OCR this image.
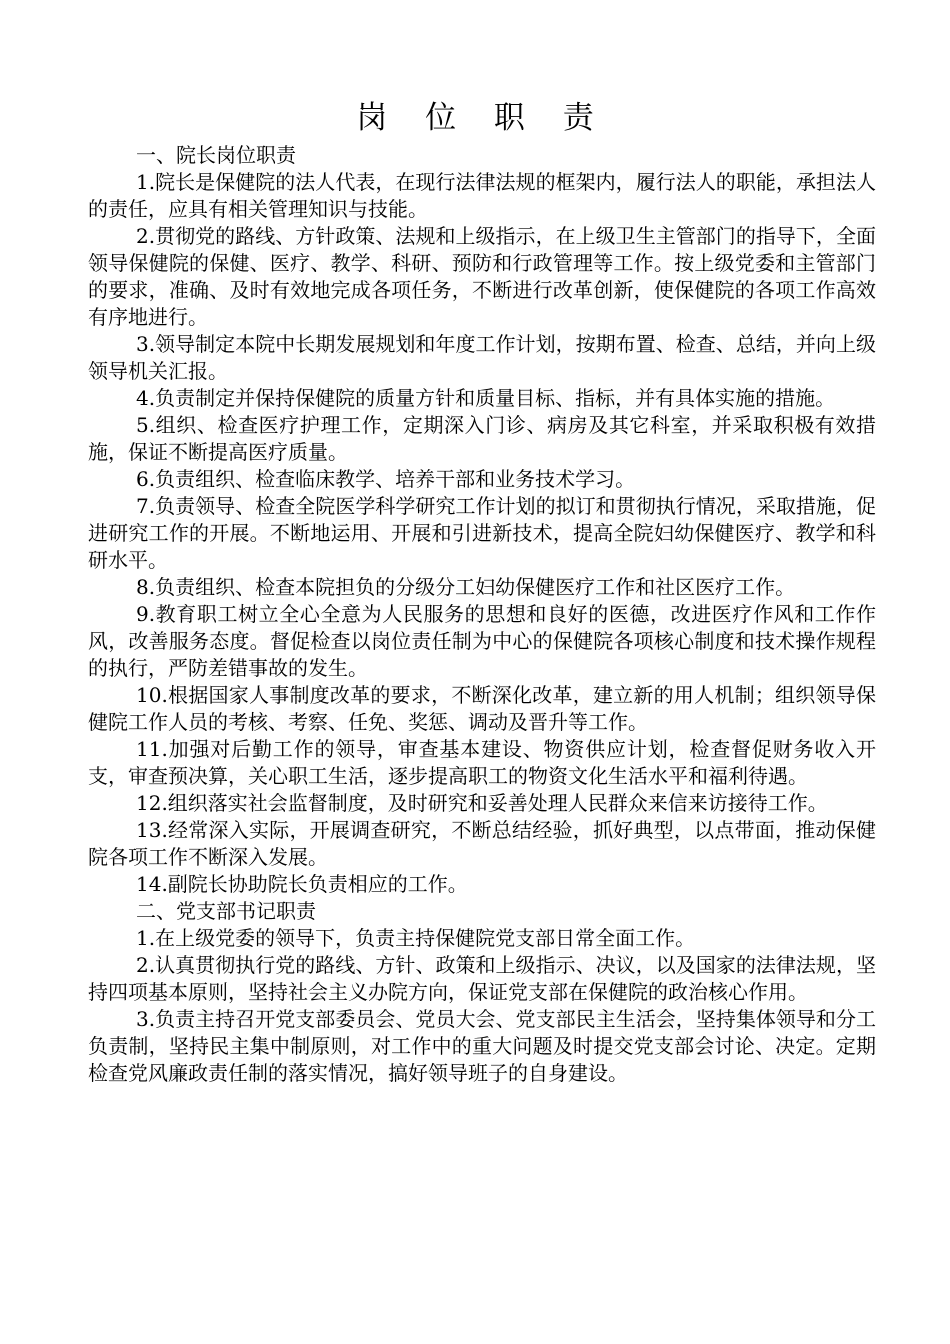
岗 位 职 责

一、院长岗位职责

1.院长是保健院的法人代表，在现行法律法规的框架内，履行法人的职能，承担法人的责任，应具有相关管理知识与技能。

2.贯彻党的路线、方针政策、法规和上级指示，在上级卫生主管部门的指导下，全面领导保健院的保健、医疗、教学、科研、预防和行政管理等工作。按上级党委和主管部门的要求，准确、及时有效地完成各项任务，不断进行改革创新，使保健院的各项工作高效有序地进行。

3.领导制定本院中长期发展规划和年度工作计划，按期布置、检查、总结，并向上级领导机关汇报。

4.负责制定并保持保健院的质量方针和质量目标、指标，并有具体实施的措施。

5.组织、检查医疗护理工作，定期深入门诊、病房及其它科室，并采取积极有效措施，保证不断提高医疗质量。

6.负责组织、检查临床教学、培养干部和业务技术学习。

7.负责领导、检查全院医学科学研究工作计划的拟订和贯彻执行情况，采取措施，促进研究工作的开展。不断地运用、开展和引进新技术，提高全院妇幼保健医疗、教学和科研水平。

8.负责组织、检查本院担负的分级分工妇幼保健医疗工作和社区医疗工作。

9.教育职工树立全心全意为人民服务的思想和良好的医德，改进医疗作风和工作作风，改善服务态度。督促检查以岗位责任制为中心的保健院各项核心制度和技术操作规程的执行，严防差错事故的发生。

10.根据国家人事制度改革的要求，不断深化改革，建立新的用人机制；组织领导保健院工作人员的考核、考察、任免、奖惩、调动及晋升等工作。

11.加强对后勤工作的领导，审查基本建设、物资供应计划，检查督促财务收入开支，审查预决算，关心职工生活，逐步提高职工的物资文化生活水平和福利待遇。

12.组织落实社会监督制度，及时研究和妥善处理人民群众来信来访接待工作。

13.经常深入实际，开展调查研究，不断总结经验，抓好典型，以点带面，推动保健院各项工作不断深入发展。

14.副院长协助院长负责相应的工作。

二、党支部书记职责

1.在上级党委的领导下，负责主持保健院党支部日常全面工作。

2.认真贯彻执行党的路线、方针、政策和上级指示、决议，以及国家的法律法规，坚持四项基本原则，坚持社会主义办院方向，保证党支部在保健院的政治核心作用。

3.负责主持召开党支部委员会、党员大会、党支部民主生活会，坚持集体领导和分工负责制，坚持民主集中制原则，对工作中的重大问题及时提交党支部会讨论、决定。定期检查党风廉政责任制的落实情况，搞好领导班子的自身建设。
